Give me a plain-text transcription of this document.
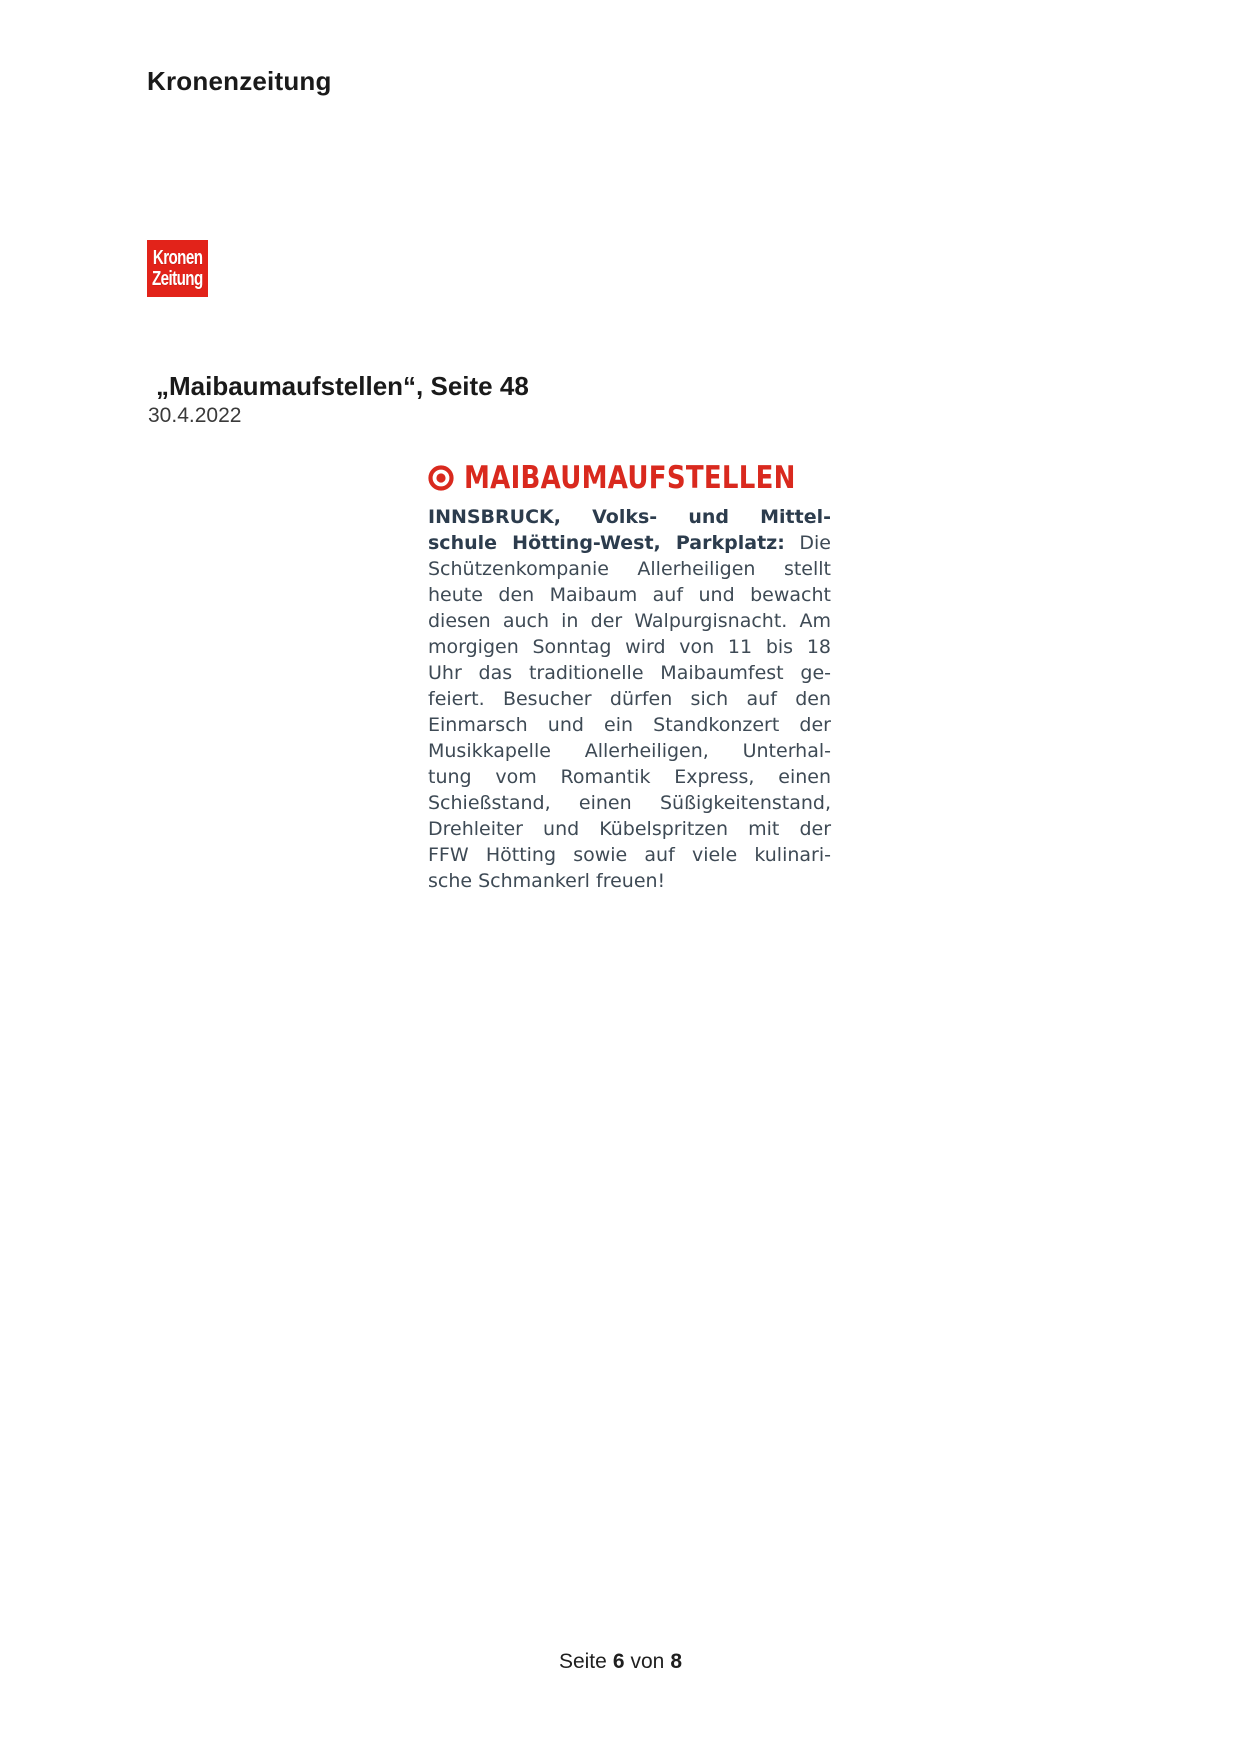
Kronenzeitung
Kronen
Zeitung
„Maibaumaufstellen“, Seite 48
30.4.2022
MAIBAUMAUFSTELLEN
INNSBRUCK, Volks- und Mittel-
schule Hötting-West, Parkplatz: Die
Schützenkompanie Allerheiligen stellt
heute den Maibaum auf und bewacht
diesen auch in der Walpurgisnacht. Am
morgigen Sonntag wird von 11 bis 18
Uhr das traditionelle Maibaumfest ge-
feiert. Besucher dürfen sich auf den
Einmarsch und ein Standkonzert der
Musikkapelle Allerheiligen, Unterhal-
tung vom Romantik Express, einen
Schießstand, einen Süßigkeitenstand,
Drehleiter und Kübelspritzen mit der
FFW Hötting sowie auf viele kulinari-
sche Schmankerl freuen!
Seite 6 von 8
